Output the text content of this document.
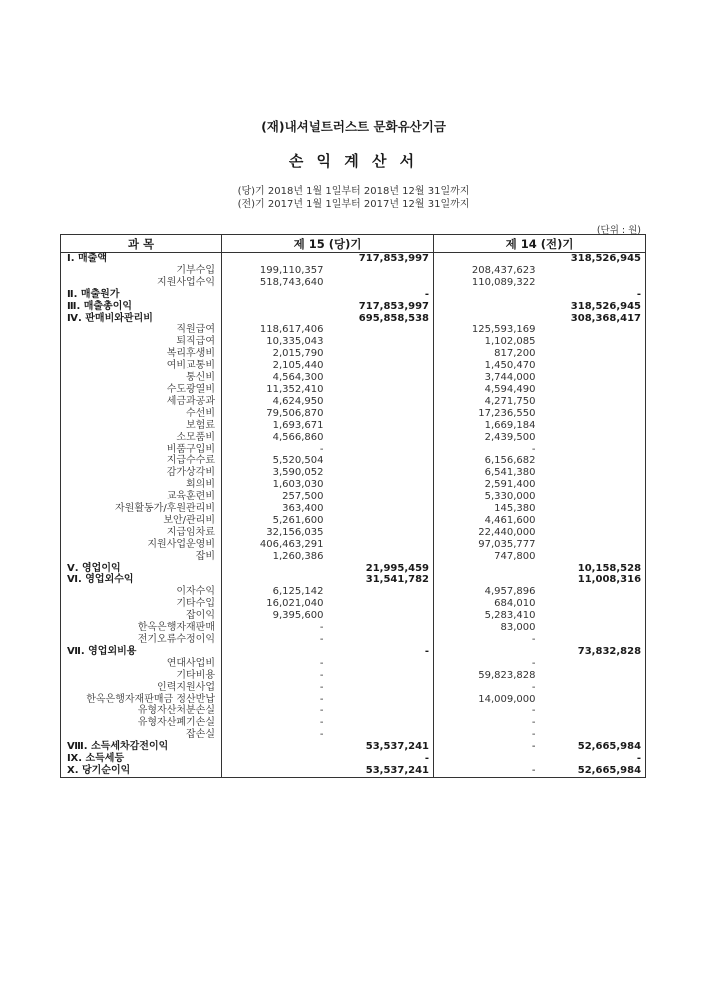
(재)내셔널트러스트 문화유산기금
손 익 계 산 서
(당)기 2018년 1월 1일부터 2018년 12월 31일까지
(전)기 2017년 1월 1일부터 2017년 12월 31일까지
(단위 : 원)
과 목	제 15 (당)기		제 14 (전)기	
Ⅰ. 매출액		717,853,997		318,526,945
기부수입	199,110,357		208,437,623	
지원사업수익	518,743,640		110,089,322	
Ⅱ. 매출원가		-		-
Ⅲ. 매출총이익		717,853,997		318,526,945
Ⅳ. 판매비와관리비		695,858,538		308,368,417
직원급여	118,617,406		125,593,169	
퇴직급여	10,335,043		1,102,085	
복리후생비	2,015,790		817,200	
여비교통비	2,105,440		1,450,470	
통신비	4,564,300		3,744,000	
수도광열비	11,352,410		4,594,490	
세금과공과	4,624,950		4,271,750	
수선비	79,506,870		17,236,550	
보험료	1,693,671		1,669,184	
소모품비	4,566,860		2,439,500	
비품구입비	-		-	
지급수수료	5,520,504		6,156,682	
감가상각비	3,590,052		6,541,380	
회의비	1,603,030		2,591,400	
교육훈련비	257,500		5,330,000	
자원활동가/후원관리비	363,400		145,380	
보안/관리비	5,261,600		4,461,600	
지급임차료	32,156,035		22,440,000	
지원사업운영비	406,463,291		97,035,777	
잡비	1,260,386		747,800	
Ⅴ. 영업이익		21,995,459		10,158,528
Ⅵ. 영업외수익		31,541,782		11,008,316
이자수익	6,125,142		4,957,896	
기타수입	16,021,040		684,010	
잡이익	9,395,600		5,283,410	
한옥은행자재판매	-		83,000	
전기오류수정이익	-		-	
Ⅶ. 영업외비용		-		73,832,828
연대사업비	-		-	
기타비용	-		59,823,828	
인력지원사업	-		-	
한옥은행자재판매금 정산반납	-		14,009,000	
유형자산처분손실	-		-	
유형자산폐기손실	-		-	
잡손실	-		-	
Ⅷ. 소득세차감전이익		53,537,241	-	52,665,984
Ⅸ. 소득세등		-		-
Ⅹ. 당기순이익		53,537,241	-	52,665,984
